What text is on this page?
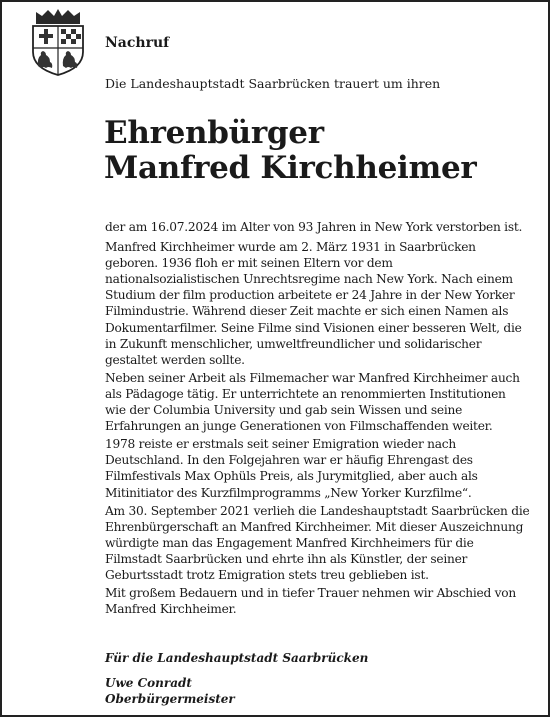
Nachruf
Die Landeshauptstadt Saarbrücken trauert um ihren
Ehrenbürger
Manfred Kirchheimer

der am 16.07.2024 im Alter von 93 Jahren in New York verstorben ist.

Manfred Kirchheimer wurde am 2. März 1931 in Saarbrücken geboren. 1936 floh er mit seinen Eltern vor dem nationalsozialistischen Unrechtsregime nach New York. Nach einem Studium der film production arbeitete er 24 Jahre in der New Yorker Filmindustrie. Während dieser Zeit machte er sich einen Namen als Dokumentarfilmer. Seine Filme sind Visionen einer besseren Welt, die in Zukunft menschlicher, umweltfreundlicher und solidarischer gestaltet werden sollte.

Neben seiner Arbeit als Filmemacher war Manfred Kirchheimer auch als Pädagoge tätig. Er unterrichtete an renommierten Institutionen wie der Columbia University und gab sein Wissen und seine Erfahrungen an junge Generationen von Filmschaffenden weiter.

1978 reiste er erstmals seit seiner Emigration wieder nach Deutschland. In den Folgejahren war er häufig Ehrengast des Filmfestivals Max Ophüls Preis, als Jurymitglied, aber auch als Mitinitiator des Kurzfilmprogramms „New Yorker Kurzfilme“.

Am 30. September 2021 verlieh die Landeshauptstadt Saarbrücken die Ehrenbürgerschaft an Manfred Kirchheimer. Mit dieser Auszeichnung würdigte man das Engagement Manfred Kirchheimers für die Filmstadt Saarbrücken und ehrte ihn als Künstler, der seiner Geburtsstadt trotz Emigration stets treu geblieben ist.

Mit großem Bedauern und in tiefer Trauer nehmen wir Abschied von Manfred Kirchheimer.

Für die Landeshauptstadt Saarbrücken
Uwe Conradt
Oberbürgermeister
